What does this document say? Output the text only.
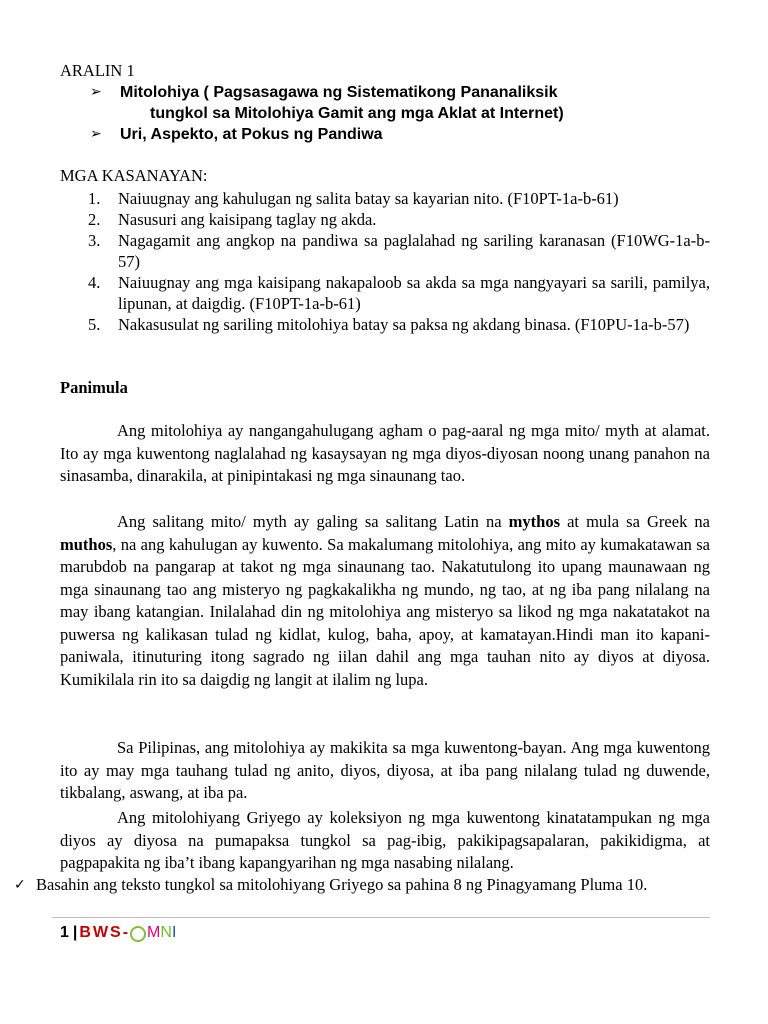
ARALIN 1
➢	Mitolohiya ( Pagsasagawa ng Sistematikong Pananaliksik
tungkol sa Mitolohiya Gamit ang mga Aklat at Internet)
➢	Uri, Aspekto, at Pokus ng Pandiwa
MGA KASANAYAN:
1.	Naiuugnay ang kahulugan ng salita batay sa kayarian nito. (F10PT-1a-b-61)
2.	Nasusuri ang kaisipang taglay ng akda.
3.	Nagagamit ang angkop na pandiwa sa paglalahad ng sariling karanasan (F10WG-1a-b-57)
4.	Naiuugnay ang mga kaisipang nakapaloob sa akda sa mga nangyayari sa sarili, pamilya, lipunan, at daigdig. (F10PT-1a-b-61)
5.	Nakasusulat ng sariling mitolohiya batay sa paksa ng akdang binasa. (F10PU-1a-b-57)
Panimula
Ang mitolohiya ay nangangahulugang agham o pag-aaral ng mga mito/ myth at alamat. Ito ay mga kuwentong naglalahad ng kasaysayan ng mga diyos-diyosan noong unang panahon na sinasamba, dinarakila, at pinipintakasi ng mga sinaunang tao.
Ang salitang mito/ myth ay galing sa salitang Latin na mythos at mula sa Greek na muthos, na ang kahulugan ay kuwento. Sa makalumang mitolohiya, ang mito ay kumakatawan sa marubdob na pangarap at takot ng mga sinaunang tao. Nakatutulong ito upang maunawaan ng mga sinaunang tao ang misteryo ng pagkakalikha ng mundo, ng tao, at ng iba pang nilalang na may ibang katangian. Inilalahad din ng mitolohiya ang misteryo sa likod ng mga nakatatakot na puwersa ng kalikasan tulad ng kidlat, kulog, baha, apoy, at kamatayan.Hindi man ito kapani-paniwala, itinuturing itong sagrado ng iilan dahil ang mga tauhan nito ay diyos at diyosa. Kumikilala rin ito sa daigdig ng langit at ilalim ng lupa.
Sa Pilipinas, ang mitolohiya ay makikita sa mga kuwentong-bayan. Ang mga kuwentong ito ay may mga tauhang tulad ng anito, diyos, diyosa, at iba pang nilalang tulad ng duwende, tikbalang, aswang, at iba pa.
Ang mitolohiyang Griyego ay koleksiyon ng mga kuwentong kinatatampukan ng mga diyos ay diyosa na pumapaksa tungkol sa pag-ibig, pakikipagsapalaran, pakikidigma, at pagpapakita ng iba’t ibang kapangyarihan ng mga nasabing nilalang.
✓ Basahin ang teksto tungkol sa mitolohiyang Griyego sa pahina 8 ng Pinagyamang Pluma 10.
1 | BWS - M N I
